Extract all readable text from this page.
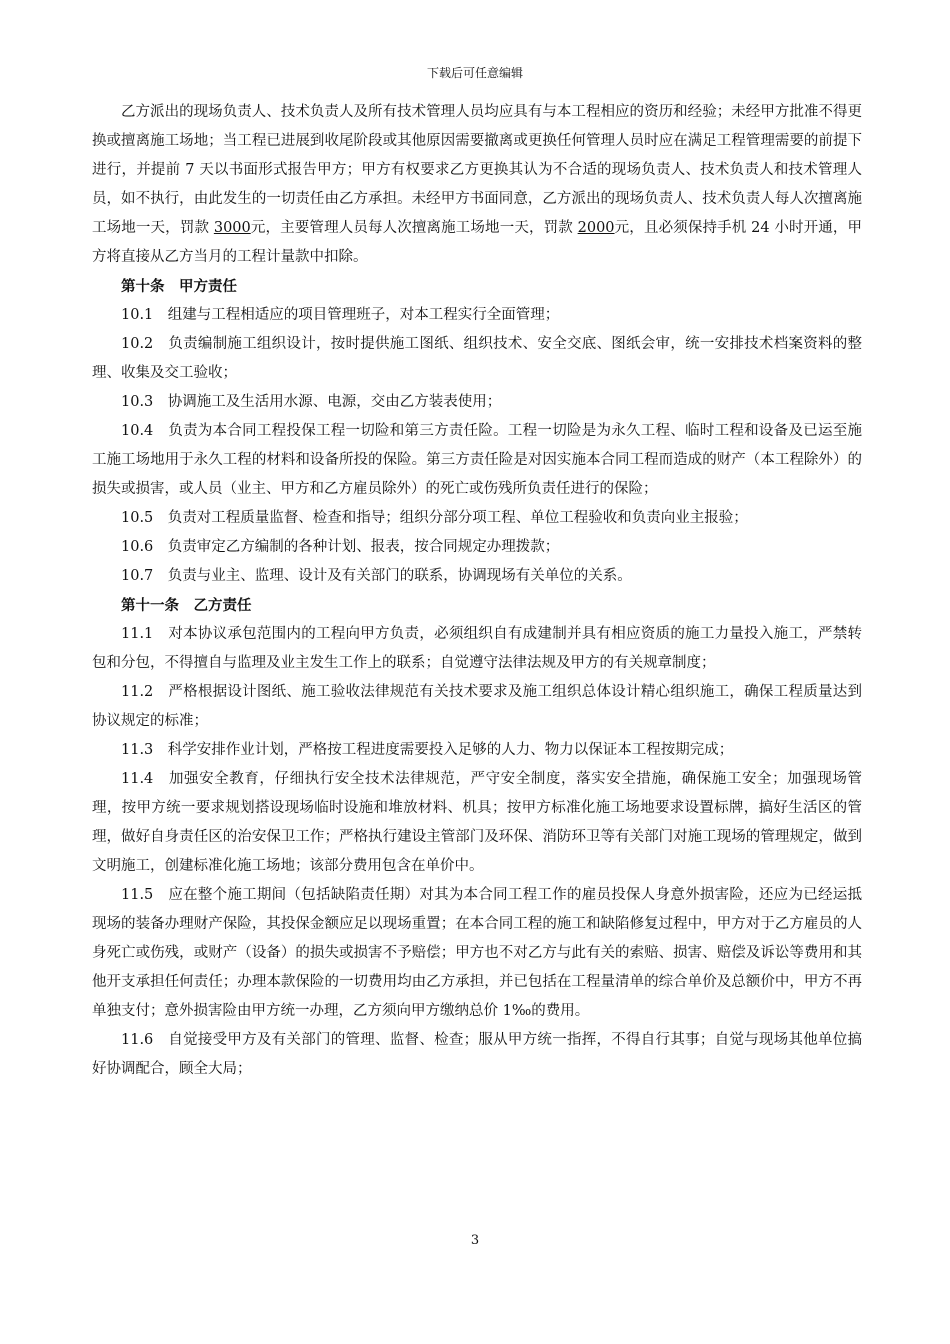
下载后可任意编辑

乙方派出的现场负责人、技术负责人及所有技术管理人员均应具有与本工程相应的资历和经验；未经甲方批准不得更换或擅离施工场地；当工程已进展到收尾阶段或其他原因需要撤离或更换任何管理人员时应在满足工程管理需要的前提下进行，并提前 7 天以书面形式报告甲方；甲方有权要求乙方更换其认为不合适的现场负责人、技术负责人和技术管理人员，如不执行，由此发生的一切责任由乙方承担。未经甲方书面同意，乙方派出的现场负责人、技术负责人每人次擅离施工场地一天，罚款 3000元，主要管理人员每人次擅离施工场地一天，罚款 2000元，且必须保持手机 24 小时开通，甲方将直接从乙方当月的工程计量款中扣除。

第十条　甲方责任

10.1　组建与工程相适应的项目管理班子，对本工程实行全面管理；

10.2　负责编制施工组织设计，按时提供施工图纸、组织技术、安全交底、图纸会审，统一安排技术档案资料的整理、收集及交工验收；

10.3　协调施工及生活用水源、电源，交由乙方装表使用；

10.4　负责为本合同工程投保工程一切险和第三方责任险。工程一切险是为永久工程、临时工程和设备及已运至施工施工场地用于永久工程的材料和设备所投的保险。第三方责任险是对因实施本合同工程而造成的财产（本工程除外）的损失或损害，或人员（业主、甲方和乙方雇员除外）的死亡或伤残所负责任进行的保险；

10.5　负责对工程质量监督、检查和指导；组织分部分项工程、单位工程验收和负责向业主报验；

10.6　负责审定乙方编制的各种计划、报表，按合同规定办理拨款；

10.7　负责与业主、监理、设计及有关部门的联系，协调现场有关单位的关系。

第十一条　乙方责任

11.1　对本协议承包范围内的工程向甲方负责，必须组织自有成建制并具有相应资质的施工力量投入施工，严禁转包和分包，不得擅自与监理及业主发生工作上的联系；自觉遵守法律法规及甲方的有关规章制度；

11.2　严格根据设计图纸、施工验收法律规范有关技术要求及施工组织总体设计精心组织施工，确保工程质量达到协议规定的标准；

11.3　科学安排作业计划，严格按工程进度需要投入足够的人力、物力以保证本工程按期完成；

11.4　加强安全教育，仔细执行安全技术法律规范，严守安全制度，落实安全措施，确保施工安全；加强现场管理，按甲方统一要求规划搭设现场临时设施和堆放材料、机具；按甲方标准化施工场地要求设置标牌，搞好生活区的管理，做好自身责任区的治安保卫工作；严格执行建设主管部门及环保、消防环卫等有关部门对施工现场的管理规定，做到文明施工，创建标准化施工场地；该部分费用包含在单价中。

11.5　应在整个施工期间（包括缺陷责任期）对其为本合同工程工作的雇员投保人身意外损害险，还应为已经运抵现场的装备办理财产保险，其投保金额应足以现场重置；在本合同工程的施工和缺陷修复过程中，甲方对于乙方雇员的人身死亡或伤残，或财产（设备）的损失或损害不予赔偿；甲方也不对乙方与此有关的索赔、损害、赔偿及诉讼等费用和其他开支承担任何责任；办理本款保险的一切费用均由乙方承担，并已包括在工程量清单的综合单价及总额价中，甲方不再单独支付；意外损害险由甲方统一办理，乙方须向甲方缴纳总价 1‰的费用。

11.6　自觉接受甲方及有关部门的管理、监督、检查；服从甲方统一指挥，不得自行其事；自觉与现场其他单位搞好协调配合，顾全大局；

3
